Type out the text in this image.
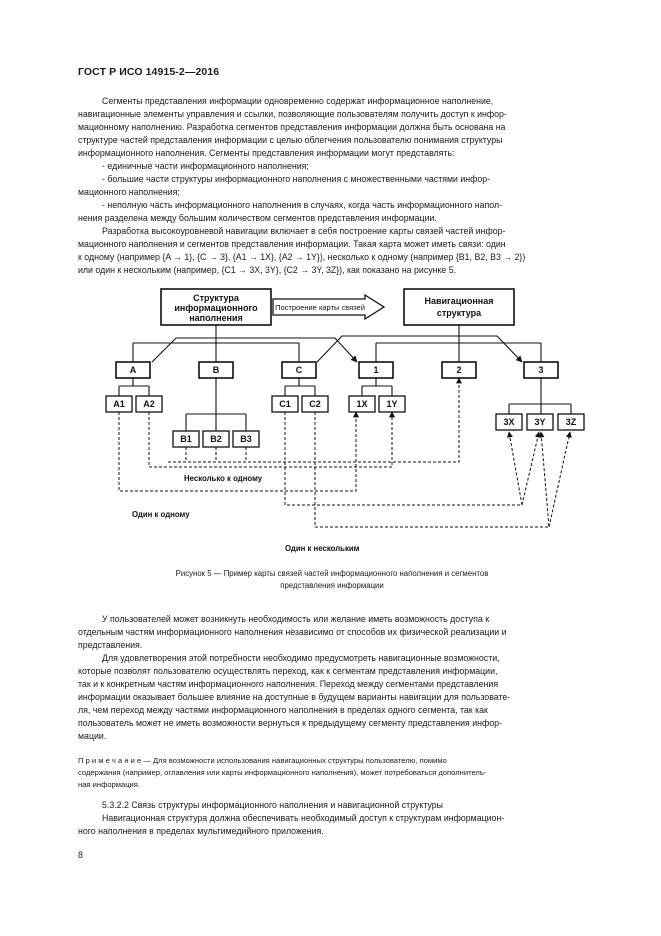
ГОСТ Р ИСО 14915-2—2016
Сегменты представления информации одновременно содержат информационное наполнение,
навигационные элементы управления и ссылки, позволяющие пользователям получить доступ к инфор-
мационному наполнению. Разработка сегментов представления информации должна быть основана на
структуре частей представления информации с целью облегчения пользователю понимания структуры
информационного наполнения. Сегменты представления информации могут представлять:
- единичные части информационного наполнения;
- большие части структуры информационного наполнения с множественными частями инфор-
мационного наполнения;
- неполную часть информационного наполнения в случаях, когда часть информационного напол-
нения разделена между большим количеством сегментов представления информации.
Разработка высокоуровневой навигации включает в себя построение карты связей частей инфор-
мационного наполнения и сегментов представления информации. Такая карта может иметь связи: один
к одному (например {A → 1}, {C → 3}, {A1 → 1X}, {A2 → 1Y}), несколько к одному (например {B1, B2, B3 → 2})
или один к нескольким (например, {C1 → 3X, 3Y}, {C2 → 3Y, 3Z}), как показано на рисунке 5.
Структура
информационного
наполнения
Построение карты связей
Навигационная
структура
A	B	C	1	2	3
A1 A2
B1 B2 B3
C1 C2	1X 1Y
3X 3Y 3Z
Несколько к одному
Один к одному
Один к нескольким
Рисунок 5 — Пример карты связей частей информационного наполнения и сегментов
представления информации
У пользователей может возникнуть необходимость или желание иметь возможность доступа к
отдельным частям информационного наполнения независимо от способов их физической реализации и
представления.
Для удовлетворения этой потребности необходимо предусмотреть навигационные возможности,
которые позволят пользователю осуществлять переход, как к сегментам представления информации,
так и к конкретным частям информационного наполнения. Переход между сегментами представления
информации оказывает большее влияние на доступные в будущем варианты навигации для пользовате-
ля, чем переход между частями информационного наполнения в пределах одного сегмента, так как
пользователь может не иметь возможности вернуться к предыдущему сегменту представления инфор-
мации.
П р и м е ч а н и е — Для возможности использования навигационных структуры пользователю, помимо
содержания (например, оглавления или карты информационного наполнения), может потребоваться дополнитель-
ная информация.
5.3.2.2 Связь структуры информационного наполнения и навигационной структуры
Навигационная структура должна обеспечивать необходимый доступ к структурам информацион-
ного наполнения в пределах мультимедийного приложения.
8
